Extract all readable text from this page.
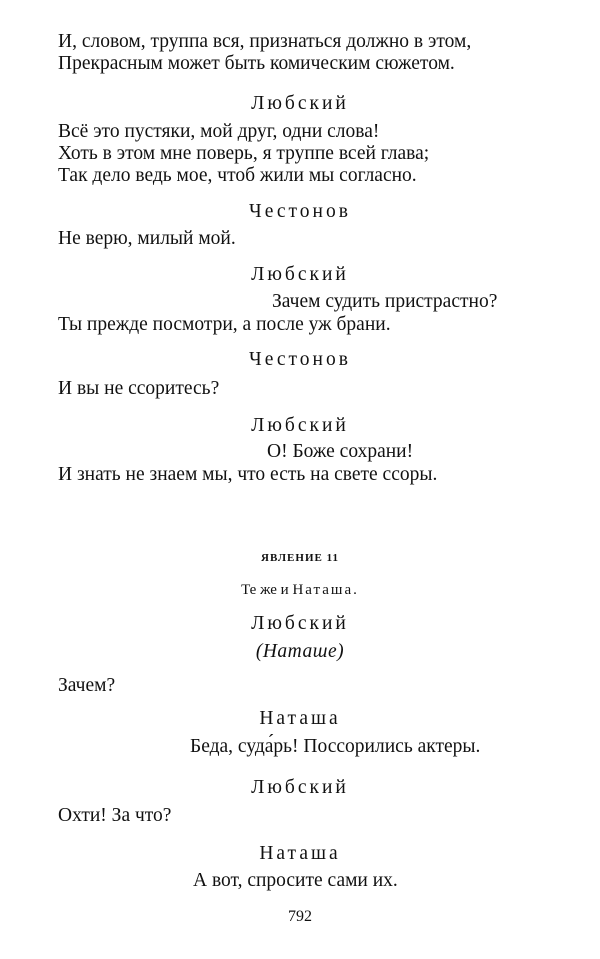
И, словом, труппа вся, признаться должно в этом,
Прекрасным может быть комическим сюжетом.
Любский
Всё это пустяки, мой друг, одни слова!
Хоть в этом мне поверь, я труппе всей глава;
Так дело ведь мое, чтоб жили мы согласно.
Честонов
Не верю, милый мой.
Любский
Зачем судить пристрастно?
Ты прежде посмотри, а после уж брани.
Честонов
И вы не ссоритесь?
Любский
О! Боже сохрани!
И знать не знаем мы, что есть на свете ссоры.
ЯВЛЕНИЕ 11
Те же и Наташа.
Любский
(Наташе)
Зачем?
Наташа
Беда, суда́рь! Поссорились актеры.
Любский
Охти! За что?
Наташа
А вот, спросите сами их.
792
